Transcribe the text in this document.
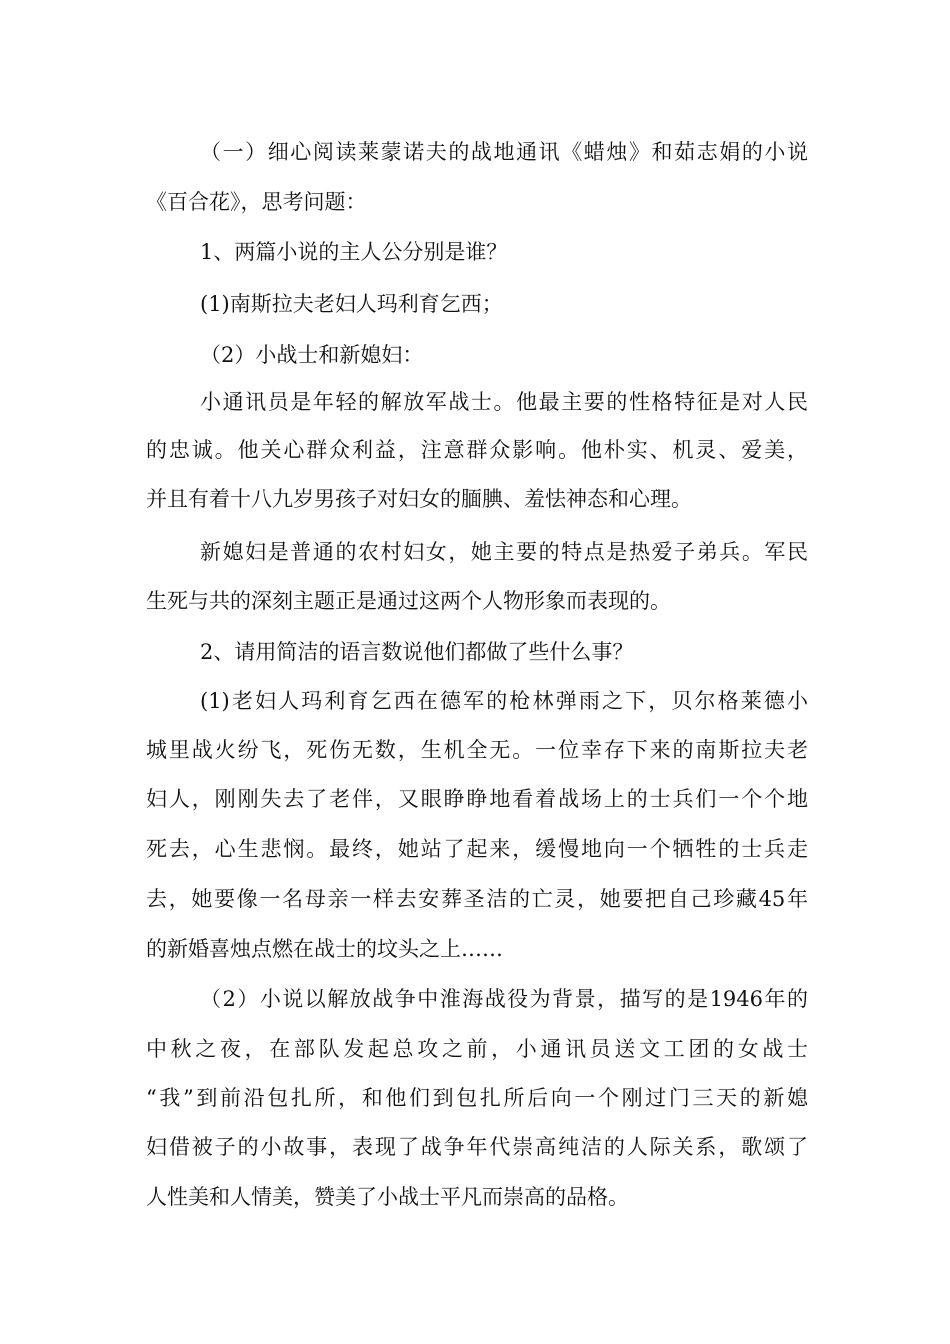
（一）细心阅读莱蒙诺夫的战地通讯《蜡烛》和茹志娟的小说
《百合花》，思考问题：
1、两篇小说的主人公分别是谁？
(1)南斯拉夫老妇人玛利育乞西；
（2）小战士和新媳妇：
小通讯员是年轻的解放军战士。他最主要的性格特征是对人民
的忠诚。他关心群众利益，注意群众影响。他朴实、机灵、爱美，
并且有着十八九岁男孩子对妇女的腼腆、羞怯神态和心理。
新媳妇是普通的农村妇女，她主要的特点是热爱子弟兵。军民
生死与共的深刻主题正是通过这两个人物形象而表现的。
2、请用简洁的语言数说他们都做了些什么事？
(1)老妇人玛利育乞西在德军的枪林弹雨之下，贝尔格莱德小
城里战火纷飞，死伤无数，生机全无。一位幸存下来的南斯拉夫老
妇人，刚刚失去了老伴，又眼睁睁地看着战场上的士兵们一个个地
死去，心生悲悯。最终，她站了起来，缓慢地向一个牺牲的士兵走
去，她要像一名母亲一样去安葬圣洁的亡灵，她要把自己珍藏45年
的新婚喜烛点燃在战士的坟头之上……
（2）小说以解放战争中淮海战役为背景，描写的是1946年的
中秋之夜，在部队发起总攻之前，小通讯员送文工团的女战士
“我”到前沿包扎所，和他们到包扎所后向一个刚过门三天的新媳
妇借被子的小故事，表现了战争年代崇高纯洁的人际关系，歌颂了
人性美和人情美，赞美了小战士平凡而崇高的品格。
